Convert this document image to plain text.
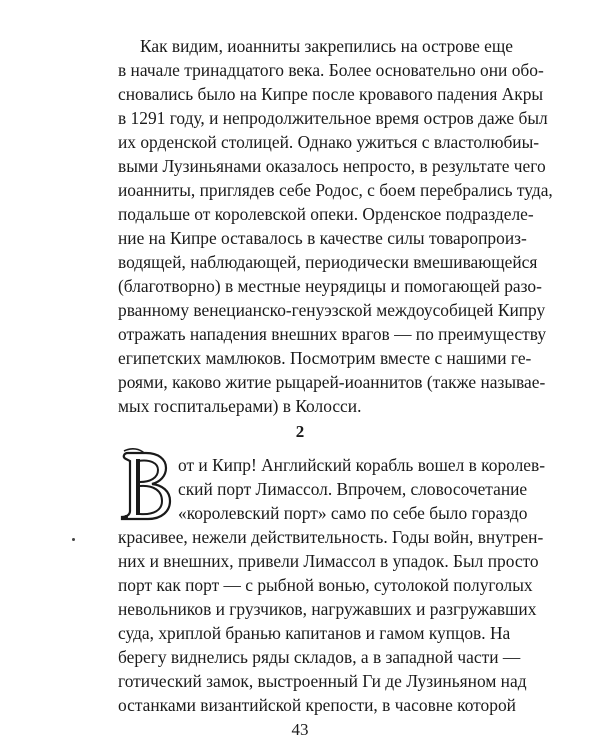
Как видим, иоанниты закрепились на острове еще
в начале тринадцатого века. Более основательно они обо-
сновались было на Кипре после кровавого падения Акры
в 1291 году, и непродолжительное время остров даже был
их орденской столицей. Однако ужиться с властолюбиы-
выми Лузиньянами оказалось непросто, в результате чего
иоанниты, приглядев себе Родос, с боем перебрались туда,
подальше от королевской опеки. Орденское подразделе-
ние на Кипре оставалось в качестве силы товаропроиз-
водящей, наблюдающей, периодически вмешивающейся
(благотворно) в местные неурядицы и помогающей разо-
рванному венецианско-генуэзской междоусобицей Кипру
отражать нападения внешних врагов — по преимуществу
египетских мамлюков. Посмотрим вместе с нашими ге-
роями, каково житие рыцарей-иоаннитов (также называе-
мых госпитальерами) в Колосси.
2
В
от и Кипр! Английский корабль вошел в королев-
ский порт Лимассол. Впрочем, словосочетание
«королевский порт» само по себе было гораздо
красивее, нежели действительность. Годы войн, внутрен-
них и внешних, привели Лимассол в упадок. Был просто
порт как порт — с рыбной вонью, сутолокой полуголых
невольников и грузчиков, нагружавших и разгружавших
суда, хриплой бранью капитанов и гамом купцов. На
берегу виднелись ряды складов, а в западной части —
готический замок, выстроенный Ги де Лузиньяном над
останками византийской крепости, в часовне которой
43
